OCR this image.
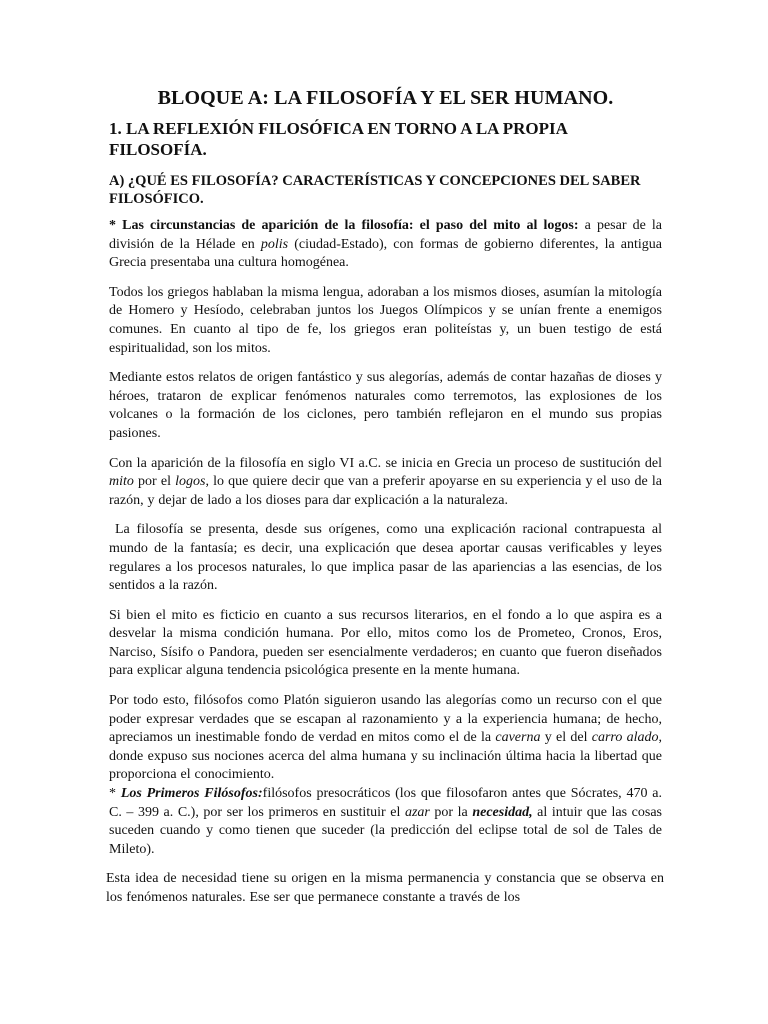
BLOQUE A: LA FILOSOFÍA Y EL SER HUMANO.
1. LA REFLEXIÓN FILOSÓFICA EN TORNO A LA PROPIA FILOSOFÍA.
A) ¿QUÉ ES FILOSOFÍA? CARACTERÍSTICAS Y CONCEPCIONES DEL SABER FILOSÓFICO.

* Las circunstancias de aparición de la filosofía: el paso del mito al logos: a pesar de la división de la Hélade en polis (ciudad-Estado), con formas de gobierno diferentes, la antigua Grecia presentaba una cultura homogénea.

Todos los griegos hablaban la misma lengua, adoraban a los mismos dioses, asumían la mitología de Homero y Hesíodo, celebraban juntos los Juegos Olímpicos y se unían frente a enemigos comunes. En cuanto al tipo de fe, los griegos eran politeístas y, un buen testigo de está espiritualidad, son los mitos.

Mediante estos relatos de origen fantástico y sus alegorías, además de contar hazañas de dioses y héroes, trataron de explicar fenómenos naturales como terremotos, las explosiones de los volcanes o la formación de los ciclones, pero también reflejaron en el mundo sus propias pasiones.

Con la aparición de la filosofía en siglo VI a.C. se inicia en Grecia un proceso de sustitución del mito por el logos, lo que quiere decir que van a preferir apoyarse en su experiencia y el uso de la razón, y dejar de lado a los dioses para dar explicación a la naturaleza.

La filosofía se presenta, desde sus orígenes, como una explicación racional contrapuesta al mundo de la fantasía; es decir, una explicación que desea aportar causas verificables y leyes regulares a los procesos naturales, lo que implica pasar de las apariencias a las esencias, de los sentidos a la razón.

Si bien el mito es ficticio en cuanto a sus recursos literarios, en el fondo a lo que aspira es a desvelar la misma condición humana. Por ello, mitos como los de Prometeo, Cronos, Eros, Narciso, Sísifo o Pandora, pueden ser esencialmente verdaderos; en cuanto que fueron diseñados para explicar alguna tendencia psicológica presente en la mente humana.

Por todo esto, filósofos como Platón siguieron usando las alegorías como un recurso con el que poder expresar verdades que se escapan al razonamiento y a la experiencia humana; de hecho, apreciamos un inestimable fondo de verdad en mitos como el de la caverna y el del carro alado, donde expuso sus nociones acerca del alma humana y su inclinación última hacia la libertad que proporciona el conocimiento.

* Los Primeros Filósofos:filósofos presocráticos (los que filosofaron antes que Sócrates, 470 a. C. – 399 a. C.), por ser los primeros en sustituir el azar por la necesidad, al intuir que las cosas suceden cuando y como tienen que suceder (la predicción del eclipse total de sol de Tales de Mileto).

Esta idea de necesidad tiene su origen en la misma permanencia y constancia que se observa en los fenómenos naturales. Ese ser que permanece constante a través de los
